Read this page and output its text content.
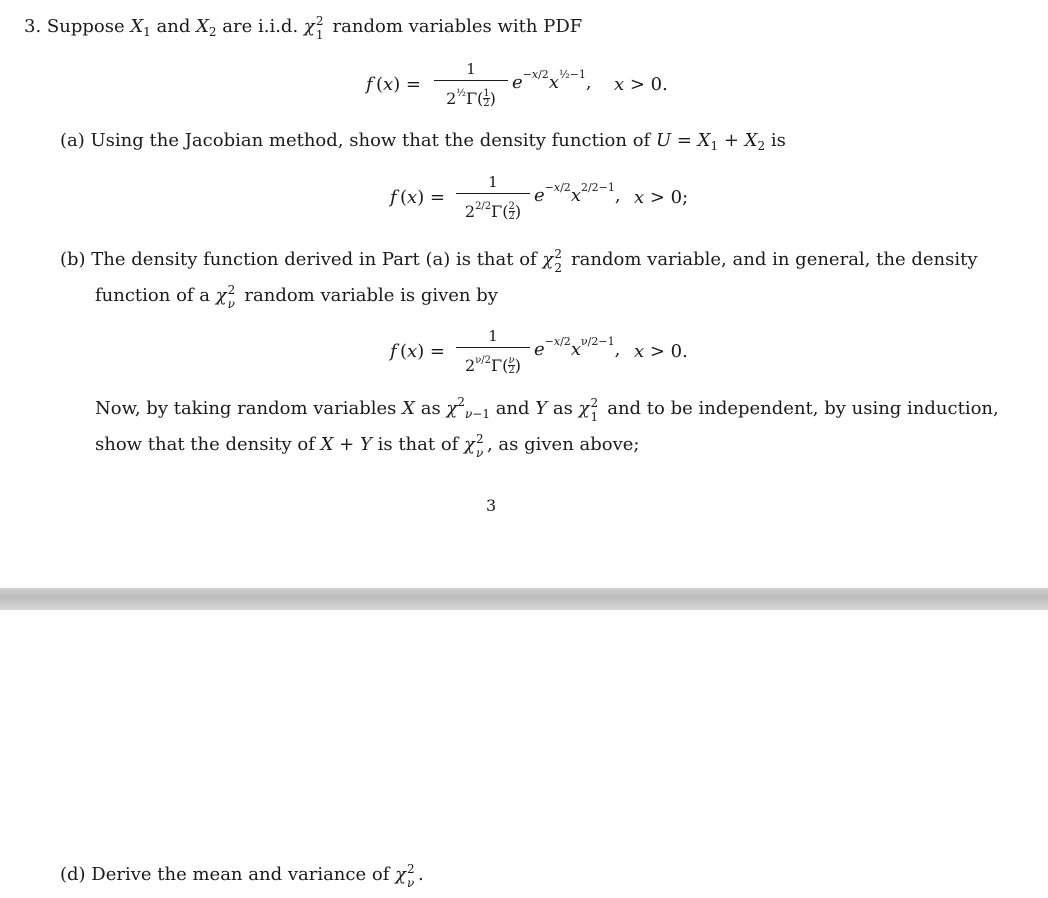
3. Suppose $X_1$ and $X_2$ are i.i.d. χ 2
1 random variables with PDF
f (x) =
1
$2^{\frac{1}{2}}\Gamma( \frac{1}{2}$ )
$e^{-x/2}x^{\frac{1}{2}-1}$, x > 0.
(a) Using the Jacobian method, show that the density function of $U = X_1 + X_2$ is
f (x) =
1
$2^{2/2}\Gamma( \frac{2}{2}$ )
$e^{-x/2}x^{2/2-1}$, x > 0;
(b) The density function derived in Part (a) is that of χ 2
2 random variable, and in general, the density
function of a χ 2
ν random variable is given by
f (x) =
1
$2^{\nu/2}\Gamma( \frac{\nu}{2}$ )
$e^{-x/2}x^{\nu/2-1}$, x > 0.
Now, by taking random variables X as $\chi^2_{\nu-1}$ and Y as χ 2
1 and to be independent, by using induction,
show that the density of X + Y is that of χ 2
ν , as given above;
3
(d) Derive the mean and variance of χ 2
ν .
